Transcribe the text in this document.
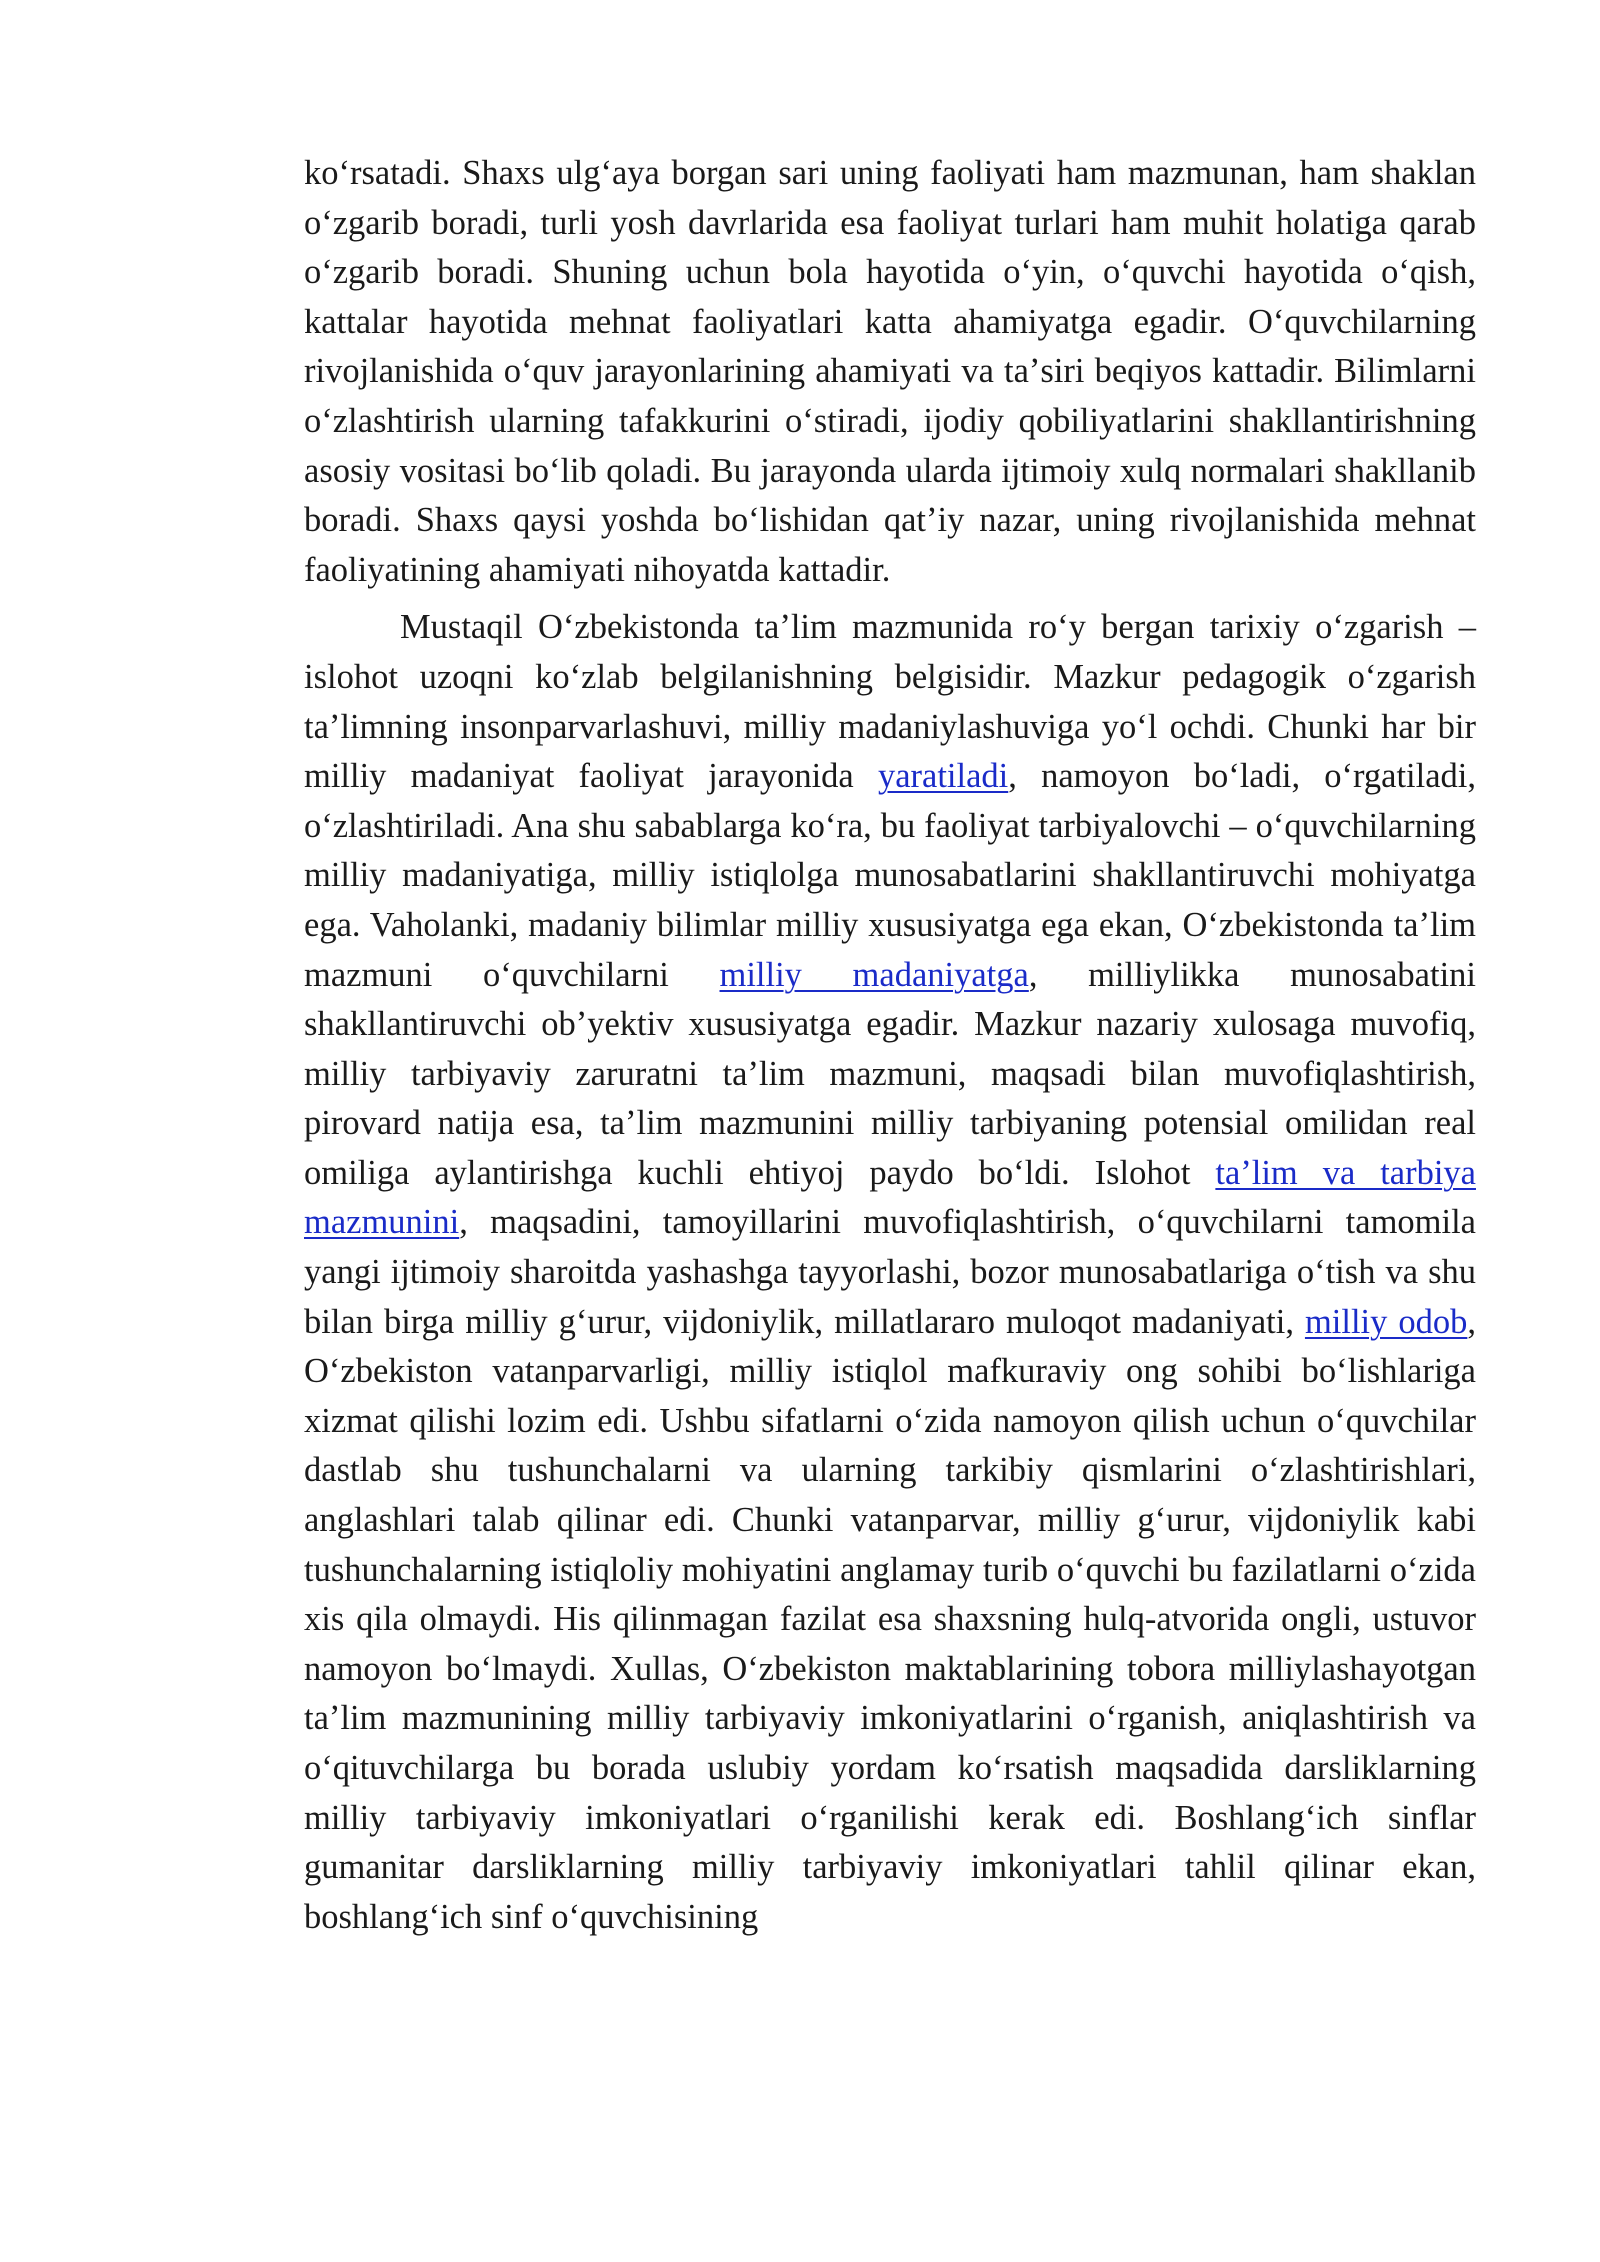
koʻrsatadi. Shaxs ulgʻaya borgan sari uning faoliyati ham mazmunan, ham shaklan oʻzgarib boradi, turli yosh davrlarida esa faoliyat turlari ham muhit holatiga qarab oʻzgarib boradi. Shuning uchun bola hayotida oʻyin, oʻquvchi hayotida oʻqish, kattalar hayotida mehnat faoliyatlari katta ahamiyatga egadir. Oʻquvchilarning rivojlanishida oʻquv jarayonlarining ahamiyati va taʼsiri beqiyos kattadir. Bilimlarni oʻzlashtirish ularning tafakkurini oʻstiradi, ijodiy qobiliyatlarini shakllantirishning asosiy vositasi boʻlib qoladi. Bu jarayonda ularda ijtimoiy xulq normalari shakllanib boradi. Shaxs qaysi yoshda boʻlishidan qatʼiy nazar, uning rivojlanishida mehnat faoliyatining ahamiyati nihoyatda kattadir.

Mustaqil Oʻzbekistonda taʼlim mazmunida roʻy bergan tarixiy oʻzgarish – islohot uzoqni koʻzlab belgilanishning belgisidir. Mazkur pedagogik oʻzgarish taʼlimning insonparvarlashuvi, milliy madaniylashuviga yoʻl ochdi. Chunki har bir milliy madaniyat faoliyat jarayonida yaratiladi, namoyon boʻladi, oʻrgatiladi, oʻzlashtiriladi. Ana shu sabablarga koʻra, bu faoliyat tarbiyalovchi – oʻquvchilarning milliy madaniyatiga, milliy istiqlolga munosabatlarini shakllantiruvchi mohiyatga ega. Vaholanki, madaniy bilimlar milliy xususiyatga ega ekan, Oʻzbekistonda taʼlim mazmuni oʻquvchilarni milliy madaniyatga, milliylikka munosabatini shakllantiruvchi obʼyektiv xususiyatga egadir. Mazkur nazariy xulosaga muvofiq, milliy tarbiyaviy zaruratni taʼlim mazmuni, maqsadi bilan muvofiqlashtirish, pirovard natija esa, taʼlim mazmunini milliy tarbiyaning potensial omilidan real omiliga aylantirishga kuchli ehtiyoj paydo boʻldi. Islohot taʼlim va tarbiya mazmunini, maqsadini, tamoyillarini muvofiqlashtirish, oʻquvchilarni tamomila yangi ijtimoiy sharoitda yashashga tayyorlashi, bozor munosabatlariga oʻtish va shu bilan birga milliy gʻurur, vijdoniylik, millatlararo muloqot madaniyati, milliy odob, Oʻzbekiston vatanparvarligi, milliy istiqlol mafkuraviy ong sohibi boʻlishlariga xizmat qilishi lozim edi. Ushbu sifatlarni oʻzida namoyon qilish uchun oʻquvchilar dastlab shu tushunchalarni va ularning tarkibiy qismlarini oʻzlashtirishlari, anglashlari talab qilinar edi. Chunki vatanparvar, milliy gʻurur, vijdoniylik kabi tushunchalarning istiqloliy mohiyatini anglamay turib oʻquvchi bu fazilatlarni oʻzida xis qila olmaydi. His qilinmagan fazilat esa shaxsning hulq-atvorida ongli, ustuvor namoyon boʻlmaydi. Xullas, Oʻzbekiston maktablarining tobora milliylashayotgan taʼlim mazmunining milliy tarbiyaviy imkoniyatlarini oʻrganish, aniqlashtirish va oʻqituvchilarga bu borada uslubiy yordam koʻrsatish maqsadida darsliklarning milliy tarbiyaviy imkoniyatlari oʻrganilishi kerak edi. Boshlangʻich sinflar gumanitar darsliklarning milliy tarbiyaviy imkoniyatlari tahlil qilinar ekan, boshlangʻich sinf oʻquvchisining
